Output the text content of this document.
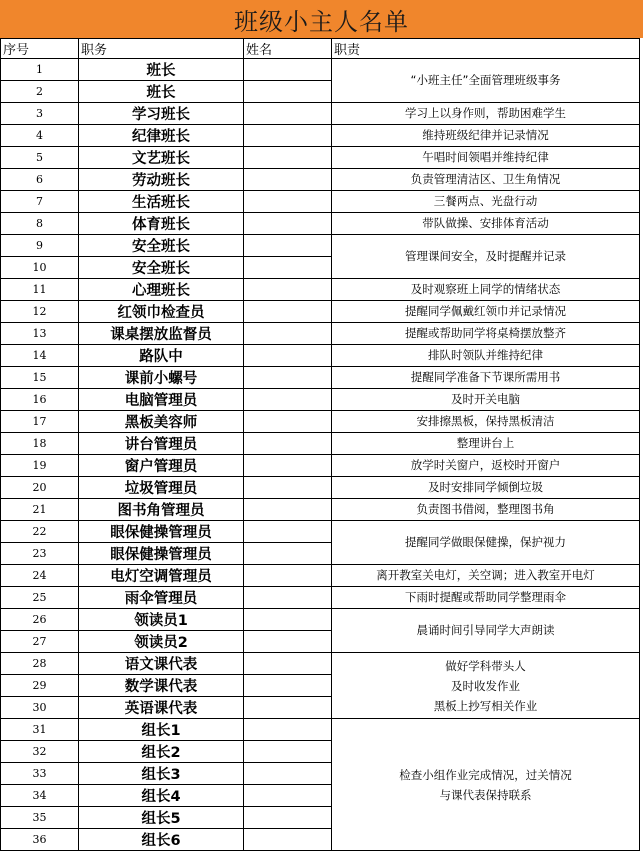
班级小主人名单
序号	职务	姓名	职责
1	班长		“小班主任”全面管理班级事务
2	班长		
3	学习班长		学习上以身作则，帮助困难学生
4	纪律班长		维持班级纪律并记录情况
5	文艺班长		午唱时间领唱并维持纪律
6	劳动班长		负责管理清洁区、卫生角情况
7	生活班长		三餐两点、光盘行动
8	体育班长		带队做操、安排体育活动
9	安全班长		管理课间安全，及时提醒并记录
10	安全班长		
11	心理班长		及时观察班上同学的情绪状态
12	红领巾检查员		提醒同学佩戴红领巾并记录情况
13	课桌摆放监督员		提醒或帮助同学将桌椅摆放整齐
14	路队中		排队时领队并维持纪律
15	课前小螺号		提醒同学准备下节课所需用书
16	电脑管理员		及时开关电脑
17	黑板美容师		安排擦黑板，保持黑板清洁
18	讲台管理员		整理讲台上
19	窗户管理员		放学时关窗户，返校时开窗户
20	垃圾管理员		及时安排同学倾倒垃圾
21	图书角管理员		负责图书借阅，整理图书角
22	眼保健操管理员		提醒同学做眼保健操，保护视力
23	眼保健操管理员		
24	电灯空调管理员		离开教室关电灯，关空调；进入教室开电灯
25	雨伞管理员		下雨时提醒或帮助同学整理雨伞
26	领读员1		晨诵时间引导同学大声朗读
27	领读员2		
28	语文课代表		做好学科带头人
及时收发作业
黑板上抄写相关作业

29	数学课代表		
30	英语课代表		
31	组长1		检查小组作业完成情况，过关情况
与课代表保持联系

32	组长2		
33	组长3		
34	组长4		
35	组长5		
36	组长6		
